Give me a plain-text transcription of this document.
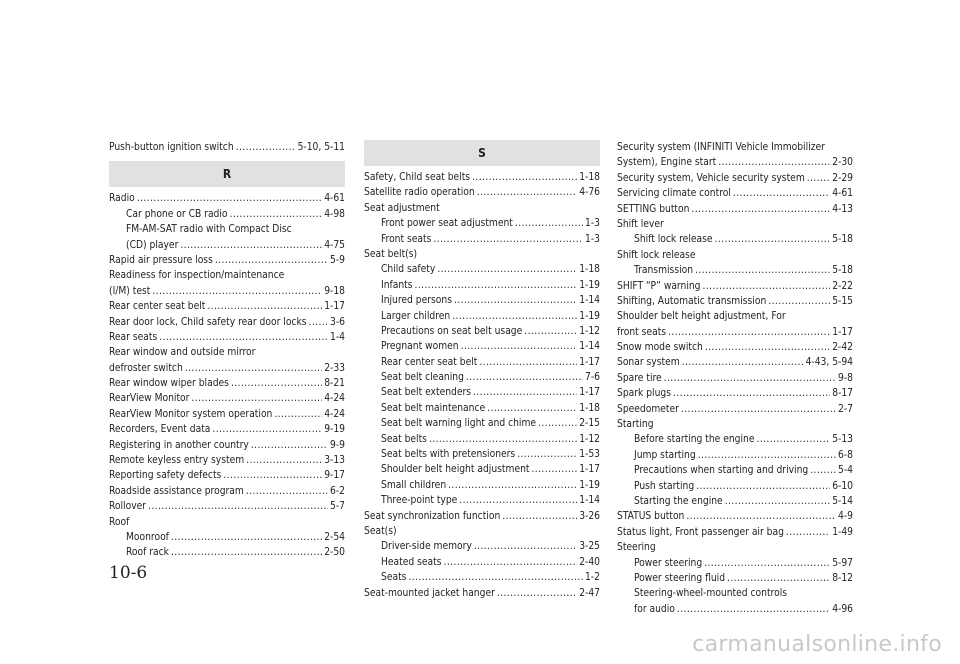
Push-button ignition switch .....	5-10, 5-11
R
Radio .....	4-61
Car phone or CB radio .....	4-98
FM-AM-SAT radio with Compact Disc
(CD) player .....	4-75
Rapid air pressure loss .....	5-9
Readiness for inspection/maintenance
(I/M) test .....	9-18
Rear center seat belt .....	1-17
Rear door lock, Child safety rear door locks ..... 3-6
Rear seats .....	1-4
Rear window and outside mirror
defroster switch .....	2-33
Rear window wiper blades .....	8-21
RearView Monitor .....	4-24
RearView Monitor system operation .....	4-24
Recorders, Event data .....	9-19
Registering in another country .....	9-9
Remote keyless entry system .....	3-13
Reporting safety defects .....	9-17
Roadside assistance program .....	6-2
Rollover .....	5-7
Roof
Moonroof .....	2-54
Roof rack .....	2-50
S
Safety, Child seat belts .....	1-18
Satellite radio operation .....	4-76
Seat adjustment
Front power seat adjustment .....	1-3
Front seats .....	1-3
Seat belt(s)
Child safety .....	1-18
Infants .....	1-19
Injured persons .....	1-14
Larger children .....	1-19
Precautions on seat belt usage .....	1-12
Pregnant women .....	1-14
Rear center seat belt .....	1-17
Seat belt cleaning .....	7-6
Seat belt extenders .....	1-17
Seat belt maintenance .....	1-18
Seat belt warning light and chime .....	2-15
Seat belts .....	1-12
Seat belts with pretensioners .....	1-53
Shoulder belt height adjustment .....	1-17
Small children .....	1-19
Three-point type .....	1-14
Seat synchronization function .....	3-26
Seat(s)
Driver-side memory .....	3-25
Heated seats .....	2-40
Seats .....	1-2
Seat-mounted jacket hanger .....	2-47
Security system (INFINITI Vehicle Immobilizer
System), Engine start .....	2-30
Security system, Vehicle security system .....	2-29
Servicing climate control .....	4-61
SETTING button .....	4-13
Shift lever
Shift lock release .....	5-18
Shift lock release
Transmission .....	5-18
SHIFT “P” warning .....	2-22
Shifting, Automatic transmission .....	5-15
Shoulder belt height adjustment, For
front seats .....	1-17
Snow mode switch .....	2-42
Sonar system .....	4-43, 5-94
Spare tire .....	9-8
Spark plugs .....	8-17
Speedometer .....	2-7
Starting
Before starting the engine .....	5-13
Jump starting .....	6-8
Precautions when starting and driving .....	5-4
Push starting .....	6-10
Starting the engine .....	5-14
STATUS button .....	4-9
Status light, Front passenger air bag .....	1-49
Steering
Power steering .....	5-97
Power steering fluid .....	8-12
Steering-wheel-mounted controls
for audio .....	4-96
10-6
carmanualsonline.info
